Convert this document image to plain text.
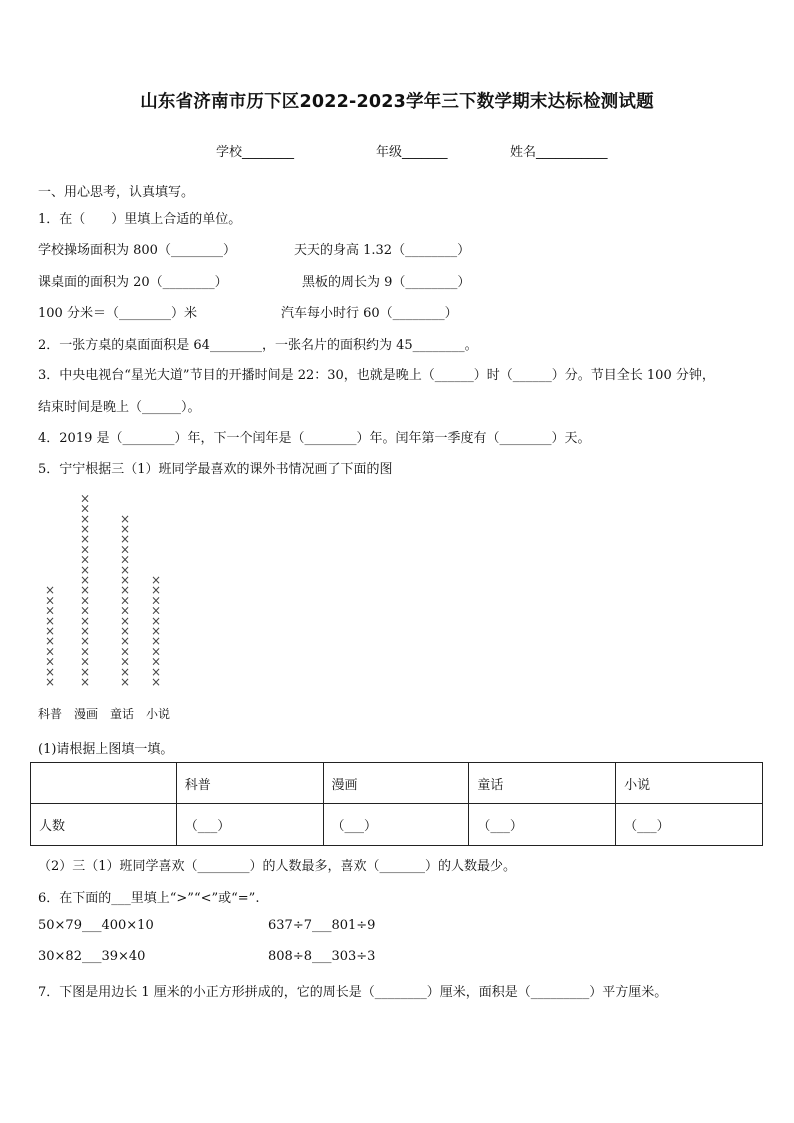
山东省济南市历下区2022-2023学年三下数学期末达标检测试题
学校________	年级_______	姓名___________
一、用心思考，认真填写。
1．在（　　）里填上合适的单位。
学校操场面积为 800（________）	天天的身高 1.32（________）
课桌面的面积为 20（________）	黑板的周长为 9（________）
100 分米＝（________）米	汽车每小时行 60（________）
2．一张方桌的桌面面积是 64________，一张名片的面积约为 45________。
3．中央电视台“星光大道”节目的开播时间是 22：30，也就是晚上（______）时（______）分。节目全长 100 分钟，
结束时间是晚上（______）。
4．2019 是（________）年，下一个闰年是（________）年。闰年第一季度有（________）天。
5．宁宁根据三（1）班同学最喜欢的课外书情况画了下面的图
×
×
×
×
×
×
×
×
×
×
×
×
×
×
×
×
×
×
×
×
×
×
×
×
×
×
×
×
×
×
×
×
×
×
×
×
×
×
×
×
×
×
×
×
×
×
×
×
×
×
×
×
×
×
×
×
×
科普 漫画 童话 小说
(1)请根据上图填一填。
	科普	漫画	童话	小说
人数	（___）	（___）	（___）	（___）
（2）三（1）班同学喜欢（________）的人数最多，喜欢（_______）的人数最少。
6．在下面的___里填上“>”“<”或“=”.
50×79___400×10	637÷7___801÷9
30×82___39×40	808÷8___303÷3
7．下图是用边长 1 厘米的小正方形拼成的，它的周长是（________）厘米，面积是（_________）平方厘米。
